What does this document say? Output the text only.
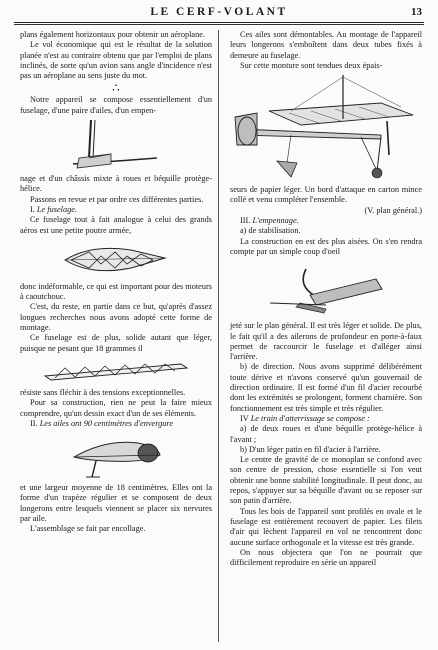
LE CERF-VOLANT	13

plans également horizontaux pour obtenir un aéroplane.

Le vol économique qui est le résultat de la solution planée n'est au contraire obtenu que par l'emploi de plans inclinés, de sorte qu'un avion sans angle d'incidence n'est pas un aéroplane au sens juste du mot.

∴

Notre appareil se compose essentiellement d'un fuselage, d'une paire d'ailes, d'un empen-

nage et d'un châssis mixte à roues et béquille protège-hélice.

Passons en revue et par ordre ces différentes parties.

I. Le fuselage.

Ce fuselage tout à fait analogue à celui des grands aéros est une petite poutre armée,

donc indéformable, ce qui est important pour des moteurs à caoutchouc.

C'est, du reste, en partie dans ce but, qu'après d'assez longues recherches nous avons adopté cette forme de montage.

Ce fuselage est de plus, solide autant que léger, puisque ne pesant que 18 grammes il

résiste sans fléchir à des tensions exceptionnelles.

Pour sa construction, rien ne peut la faire mieux comprendre, qu'un dessin exact d'un de ses éléments.

II. Les ailes ont 90 centimètres d'envergure

et une largeur moyenne de 18 centimètres. Elles ont la forme d'un trapèze régulier et se composent de deux longerons entre lesquels viennent se placer six nervures par aile.

L'assemblage se fait par encollage.

Ces ailes sont démontables. Au montage de l'appareil leurs longerons s'emboîtent dans deux tubes fixés à demeure au fuselage.

Sur cette monture sont tendues deux épais-

seurs de papier léger. Un bord d'attaque en carton mince collé et venu compléter l'ensemble.

(V. plan général.)

III. L'empennage.

a) de stabilisation.

La construction en est des plus aisées. On s'en rendra compte par un simple coup d'oeil

jeté sur le plan général. Il est très léger et solide. De plus, le fait qu'il a des ailerons de profondeur en porte-à-faux permet de raccourcir le fuselage et d'alléger ainsi l'arrière.

b) de direction. Nous avons supprimé délibérément toute dérive et n'avons conservé qu'un gouvernail de direction ordinaire. Il est formé d'un fil d'acier recourbé dont les extrémités se prolongent, forment charnière. Son fonctionnement est très simple et très régulier.

IV Le train d'atterrissage se compose :

a) de deux roues et d'une béquille protège-hélice à l'avant ;

b) D'un léger patin en fil d'acier à l'arrière.

Le centre de gravité de ce monoplan se confond avec son centre de pression, chose essentielle si l'on veut obtenir une bonne stabilité longitudinale. Il peut donc, au repos, s'appuyer sur sa béquille d'avant ou se reposer sur son patin d'arrière.

Tous les bois de l'appareil sont profilés en ovale et le fuselage est entièrement recouvert de papier. Les filets d'air qui lèchent l'appareil en vol ne rencontrent donc aucune surface orthogonale et la vitesse est très grande.

On nous objectera que l'on ne pourrait que difficilement reproduire en série un appareil
